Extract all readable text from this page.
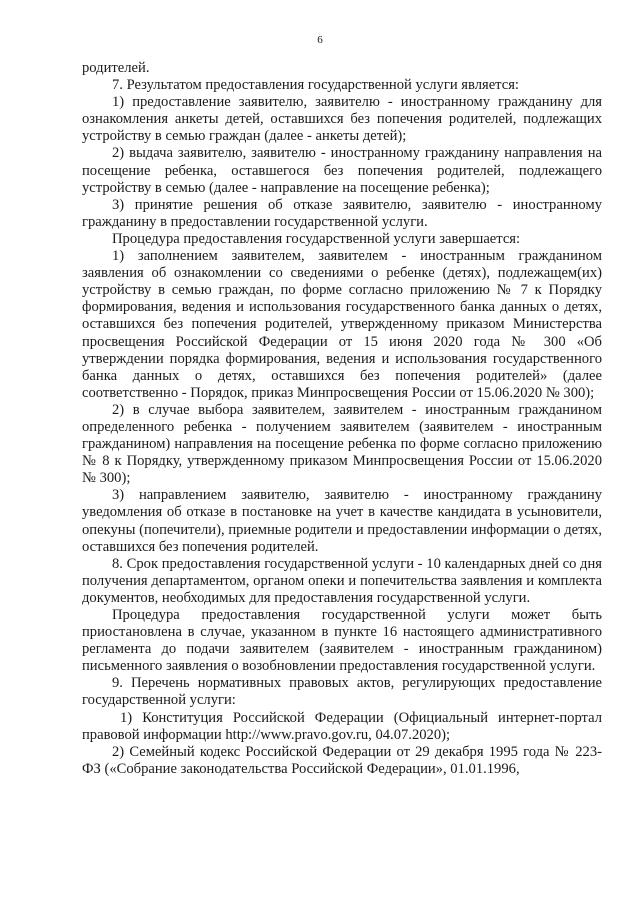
6

родителей.

7. Результатом предоставления государственной услуги является:

1) предоставление заявителю, заявителю - иностранному гражданину для ознакомления анкеты детей, оставшихся без попечения родителей, подлежащих устройству в семью граждан (далее - анкеты детей);

2) выдача заявителю, заявителю - иностранному гражданину направления на посещение ребенка, оставшегося без попечения родителей, подлежащего устройству в семью (далее - направление на посещение ребенка);

3) принятие решения об отказе заявителю, заявителю - иностранному гражданину в предоставлении государственной услуги.

Процедура предоставления государственной услуги завершается:

1) заполнением заявителем, заявителем - иностранным гражданином заявления об ознакомлении со сведениями о ребенке (детях), подлежащем(их) устройству в семью граждан, по форме согласно приложению № 7 к Порядку формирования, ведения и использования государственного банка данных о детях, оставшихся без попечения родителей, утвержденному приказом Министерства просвещения Российской Федерации от 15 июня 2020 года № 300 «Об утверждении порядка формирования, ведения и использования государственного банка данных о детях, оставшихся без попечения родителей» (далее соответственно - Порядок, приказ Минпросвещения России от 15.06.2020 № 300);

2) в случае выбора заявителем, заявителем - иностранным гражданином определенного ребенка - получением заявителем (заявителем - иностранным гражданином) направления на посещение ребенка по форме согласно приложению № 8 к Порядку, утвержденному приказом Минпросвещения России от 15.06.2020 № 300);

3) направлением заявителю, заявителю - иностранному гражданину уведомления об отказе в постановке на учет в качестве кандидата в усыновители, опекуны (попечители), приемные родители и предоставлении информации о детях, оставшихся без попечения родителей.

8. Срок предоставления государственной услуги - 10 календарных дней со дня получения департаментом, органом опеки и попечительства заявления и комплекта документов, необходимых для предоставления государственной услуги.

Процедура предоставления государственной услуги может быть приостановлена в случае, указанном в пункте 16 настоящего административного регламента до подачи заявителем (заявителем - иностранным гражданином) письменного заявления о возобновлении предоставления государственной услуги.

9. Перечень нормативных правовых актов, регулирующих предоставление государственной услуги:

1) Конституция Российской Федерации (Официальный интернет-портал правовой информации http://www.pravo.gov.ru, 04.07.2020);

2) Семейный кодекс Российской Федерации от 29 декабря 1995 года № 223-ФЗ («Собрание законодательства Российской Федерации», 01.01.1996,
